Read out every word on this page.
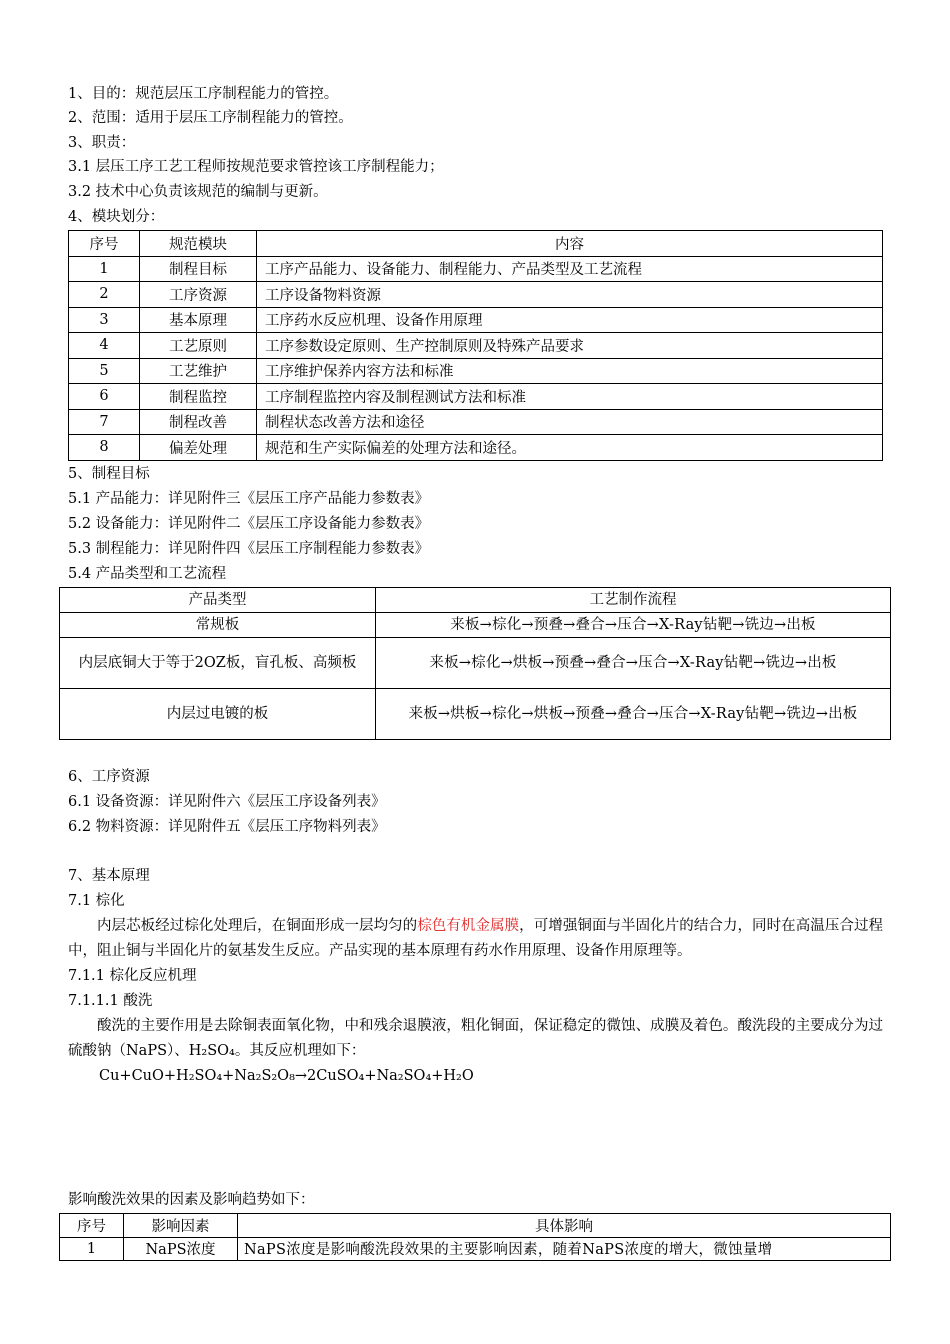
1、目的：规范层压工序制程能力的管控。
2、范围：适用于层压工序制程能力的管控。
3、职责：
3.1 层压工序工艺工程师按规范要求管控该工序制程能力；
3.2 技术中心负责该规范的编制与更新。
4、模块划分：
序号	规范模块	内容
1	制程目标	工序产品能力、设备能力、制程能力、产品类型及工艺流程
2	工序资源	工序设备物料资源
3	基本原理	工序药水反应机理、设备作用原理
4	工艺原则	工序参数设定原则、生产控制原则及特殊产品要求
5	工艺维护	工序维护保养内容方法和标准
6	制程监控	工序制程监控内容及制程测试方法和标准
7	制程改善	制程状态改善方法和途径
8	偏差处理	规范和生产实际偏差的处理方法和途径。
5、制程目标
5.1 产品能力：详见附件三《层压工序产品能力参数表》
5.2 设备能力：详见附件二《层压工序设备能力参数表》
5.3 制程能力：详见附件四《层压工序制程能力参数表》
5.4 产品类型和工艺流程
产品类型	工艺制作流程
常规板	来板→棕化→预叠→叠合→压合→X-Ray钻靶→铣边→出板
内层底铜大于等于2OZ板，盲孔板、高频板	来板→棕化→烘板→预叠→叠合→压合→X-Ray钻靶→铣边→出板
内层过电镀的板	来板→烘板→棕化→烘板→预叠→叠合→压合→X-Ray钻靶→铣边→出板
6、工序资源
6.1 设备资源：详见附件六《层压工序设备列表》
6.2 物料资源：详见附件五《层压工序物料列表》
7、基本原理
7.1 棕化
内层芯板经过棕化处理后，在铜面形成一层均匀的棕色有机金属膜，可增强铜面与半固化片的结合力，同时在高温压合过程中，阻止铜与半固化片的氨基发生反应。产品实现的基本原理有药水作用原理、设备作用原理等。
7.1.1 棕化反应机理
7.1.1.1 酸洗
酸洗的主要作用是去除铜表面氧化物，中和残余退膜液，粗化铜面，保证稳定的微蚀、成膜及着色。酸洗段的主要成分为过硫酸钠（NaPS）、H₂SO₄。其反应机理如下：
Cu+CuO+H₂SO₄+Na₂S₂O₈→2CuSO₄+Na₂SO₄+H₂O
影响酸洗效果的因素及影响趋势如下：
序号	影响因素	具体影响
1	NaPS浓度	NaPS浓度是影响酸洗段效果的主要影响因素，随着NaPS浓度的增大，微蚀量增
